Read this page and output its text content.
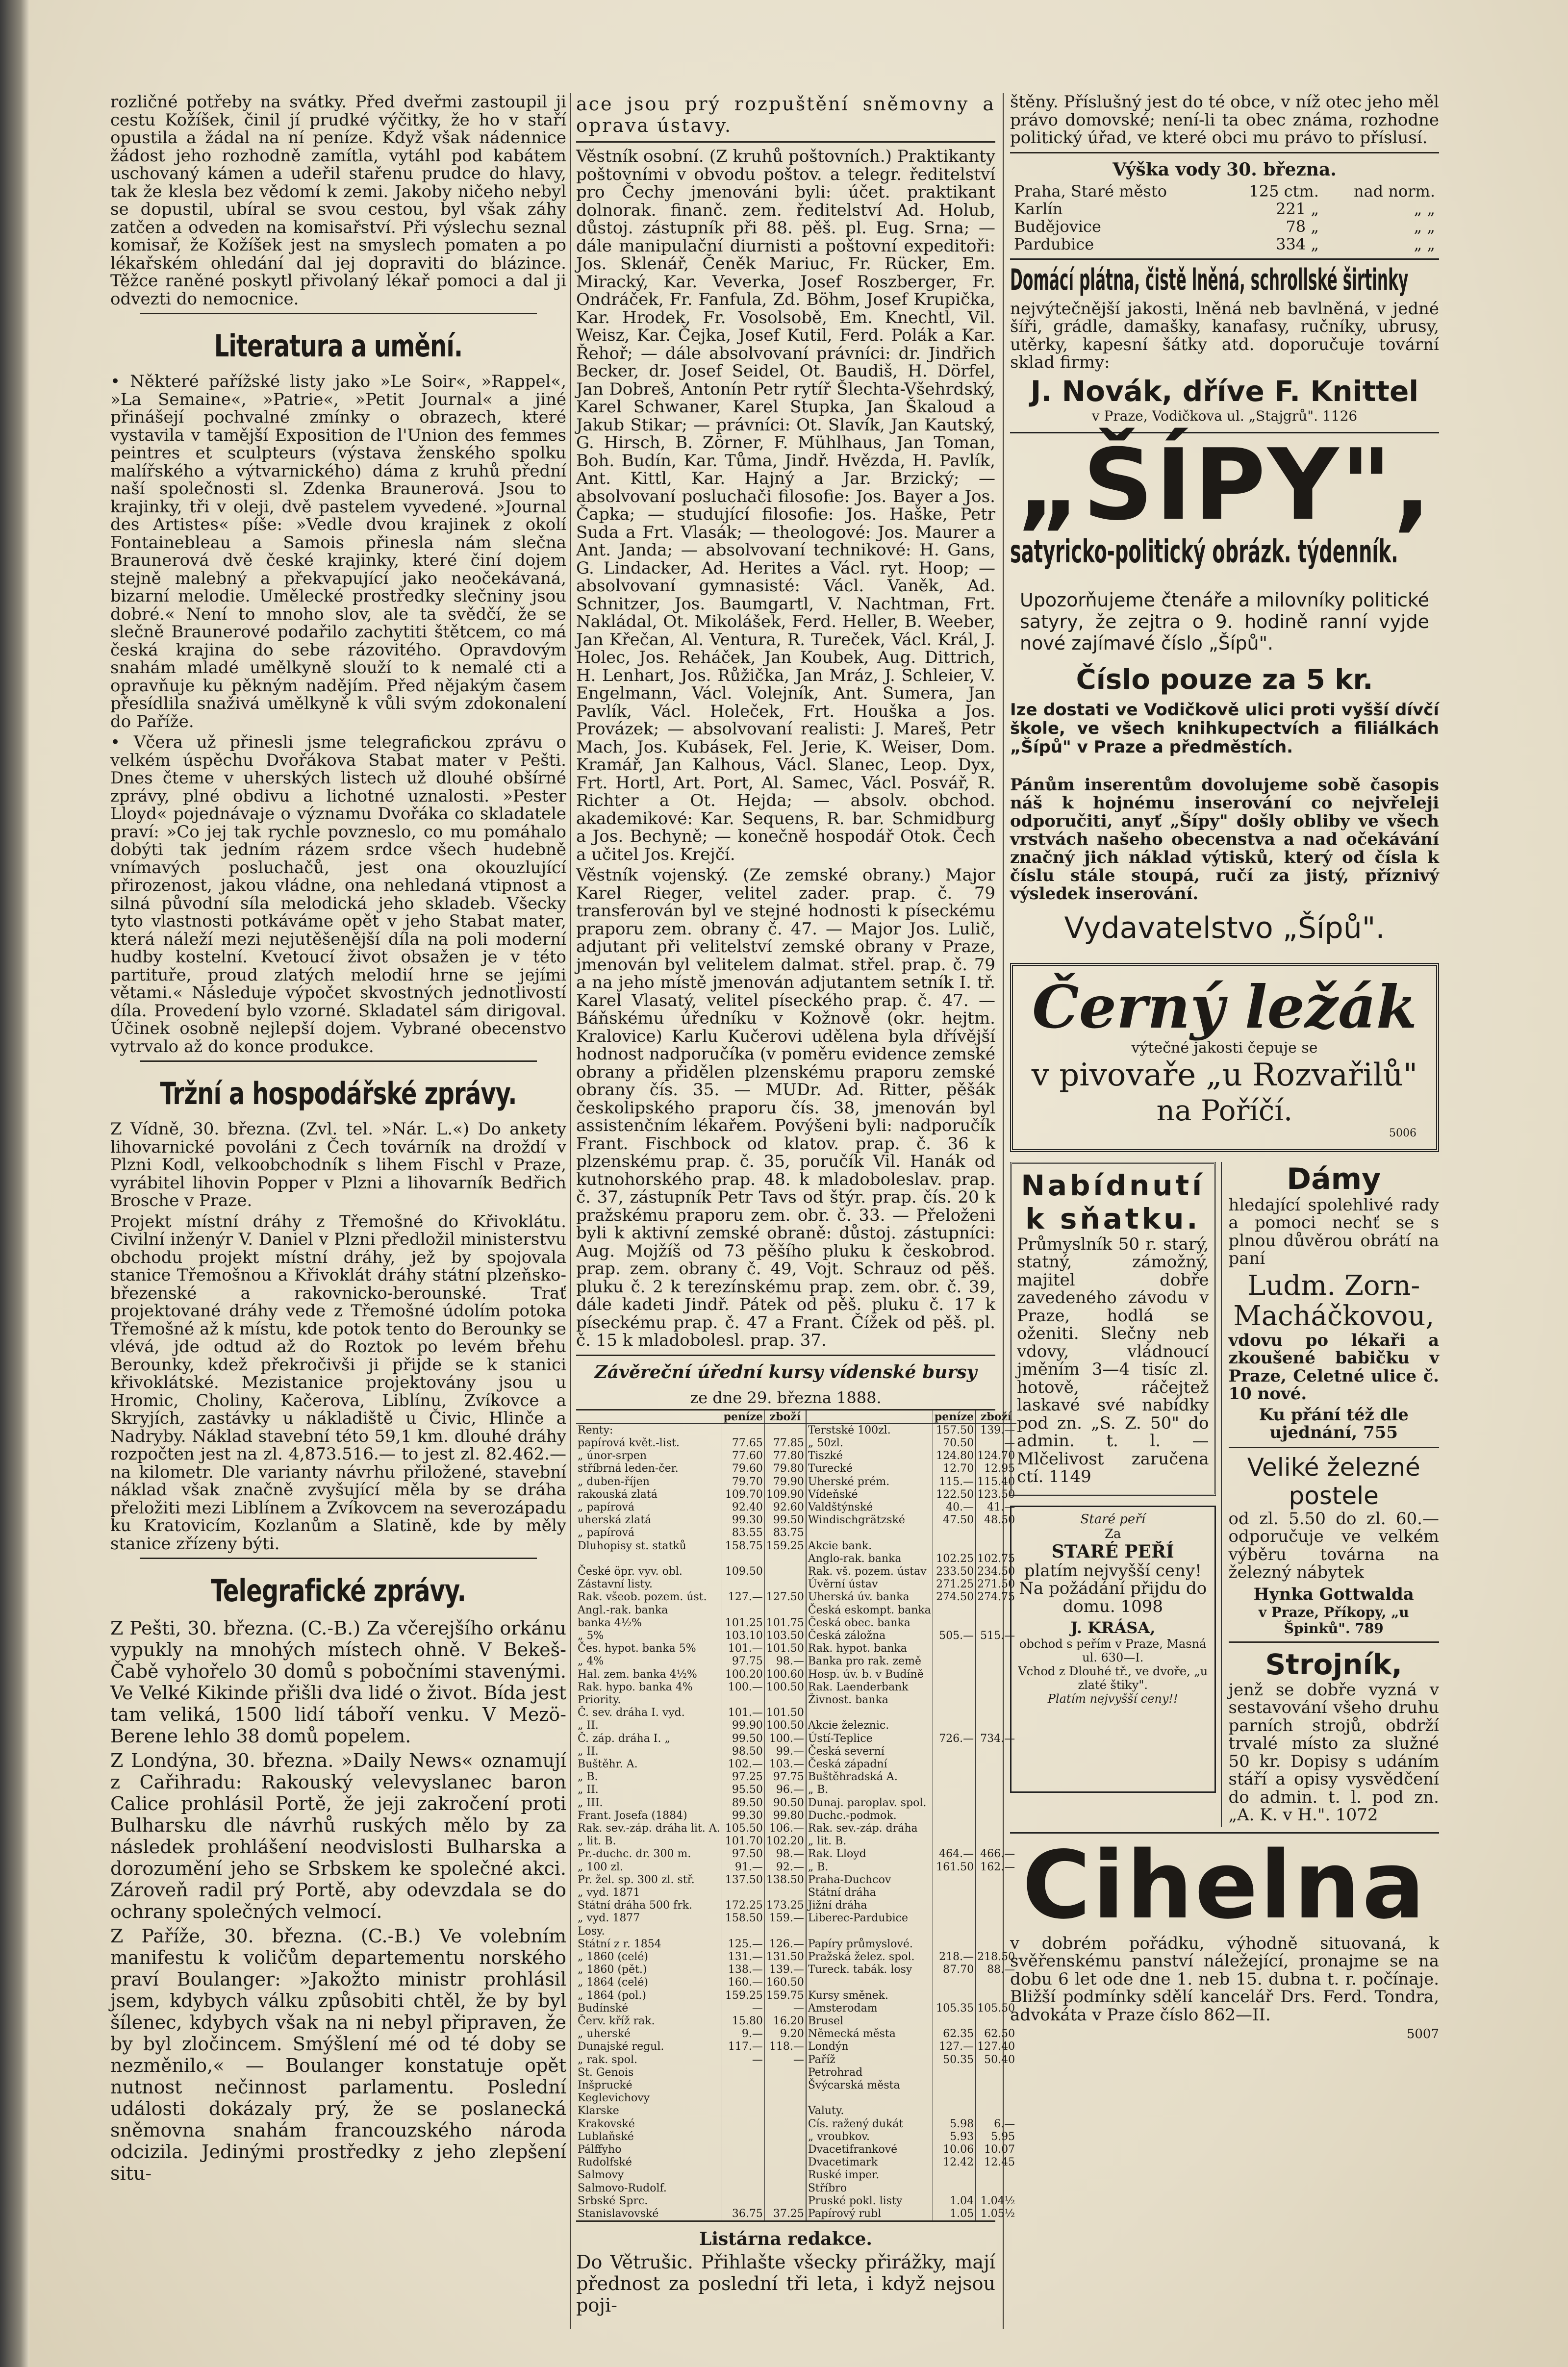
rozličné potřeby na svátky. Před dveřmi zastoupil ji cestu Kožíšek, činil jí prudké výčitky, že ho v staří opustila a žádal na ní peníze. Když však nádennice žádost jeho rozhodně zamítla, vytáhl pod kabátem uschovaný kámen a udeřil stařenu prudce do hlavy, tak že klesla bez vědomí k zemi. Jakoby ničeho nebyl se dopustil, ubíral se svou cestou, byl však záhy zatčen a odveden na komisařství. Při výslechu seznal komisař, že Kožíšek jest na smyslech pomaten a po lékařském ohledání dal jej dopraviti do blázince. Těžce raněné poskytl přivolaný lékař pomoci a dal ji odvezti do nemocnice.

Literatura a umění.

• Některé pařížské listy jako »Le Soir«, »Rappel«, »La Semaine«, »Patrie«, »Petit Journal« a jiné přinášejí pochvalné zmínky o obrazech, které vystavila v tamější Exposition de l'Union des femmes peintres et sculpteurs (výstava ženského spolku malířského a výtvarnického) dáma z kruhů přední naší společnosti sl. Zdenka Braunerová. Jsou to krajinky, tři v oleji, dvě pastelem vyvedené. »Journal des Artistes« píše: »Vedle dvou krajinek z okolí Fontainebleau a Samois přinesla nám slečna Braunerová dvě české krajinky, které činí dojem stejně malebný a překvapující jako neočekávaná, bizarní melodie. Umělecké prostředky slečniny jsou dobré.« Není to mnoho slov, ale ta svědčí, že se slečně Braunerové podařilo zachytiti štětcem, co má česká krajina do sebe rázovitého. Opravdovým snahám mladé umělkyně slouží to k nemalé cti a opravňuje ku pěkným nadějím. Před nějakým časem přesídlila snaživá umělkyně k vůli svým zdokonalení do Paříže.

• Včera už přinesli jsme telegrafickou zprávu o velkém úspěchu Dvořákova Stabat mater v Pešti. Dnes čteme v uherských listech už dlouhé obšírné zprávy, plné obdivu a lichotné uznalosti. »Pester Lloyd« pojednávaje o významu Dvořáka co skladatele praví: »Co jej tak rychle povzneslo, co mu pomáhalo dobýti tak jedním rázem srdce všech hudebně vnímavých posluchačů, jest ona okouzlující přirozenost, jakou vládne, ona nehledaná vtipnost a silná původní síla melodická jeho skladeb. Všecky tyto vlastnosti potkáváme opět v jeho Stabat mater, která náleží mezi nejutěšenější díla na poli moderní hudby kostelní. Kvetoucí život obsažen je v této partituře, proud zlatých melodií hrne se jejími větami.« Následuje výpočet skvostných jednotlivostí díla. Provedení bylo vzorné. Skladatel sám dirigoval. Účinek osobně nejlepší dojem. Vybrané obecenstvo vytrvalo až do konce produkce.

Tržní a hospodářské zprávy.

Z Vídně, 30. března. (Zvl. tel. »Nár. L.«) Do ankety lihovarnické povoláni z Čech továrník na droždí v Plzni Kodl, velkoobchodník s lihem Fischl v Praze, vyrábitel lihovin Popper v Plzni a lihovarník Bedřich Brosche v Praze.

Projekt místní dráhy z Třemošné do Křivoklátu. Civilní inženýr V. Daniel v Plzni předložil ministerstvu obchodu projekt místní dráhy, jež by spojovala stanice Třemošnou a Křivoklát dráhy státní plzeňsko-březenské a rakovnicko-berounské. Trať projektované dráhy vede z Třemošné údolím potoka Třemošné až k místu, kde potok tento do Berounky se vlévá, jde odtud až do Roztok po levém břehu Berounky, kdež překročivši ji přijde se k stanici křivoklátské. Mezistanice projektovány jsou u Hromic, Choliny, Kačerova, Liblínu, Zvíkovce a Skryjích, zastávky u nákladiště u Čivic, Hlinče a Nadryby. Náklad stavební této 59,1 km. dlouhé dráhy rozpočten jest na zl. 4,873.516.— to jest zl. 82.462.— na kilometr. Dle varianty návrhu přiložené, stavební náklad však značně zvyšující měla by se dráha přeložiti mezi Liblínem a Zvíkovcem na severozápadu ku Kratovicím, Kozlanům a Slatině, kde by měly stanice zřízeny býti.

Telegrafické zprávy.

Z Pešti, 30. března. (C.-B.) Za včerejšího orkánu vypukly na mnohých místech ohně. V Bekeš-Čabě vyhořelo 30 domů s pobočními stavenými. Ve Velké Kikinde přišli dva lidé o život. Bída jest tam veliká, 1500 lidí táboří venku. V Mezö-Berene lehlo 38 domů popelem.

Z Londýna, 30. března. »Daily News« oznamují z Cařihradu: Rakouský velevyslanec baron Calice prohlásil Portě, že jeji zakročení proti Bulharsku dle návrhů ruských mělo by za následek prohlášení neodvislosti Bulharska a dorozumění jeho se Srbskem ke společné akci. Zároveň radil prý Portě, aby odevzdala se do ochrany společných velmocí.

Z Paříže, 30. března. (C.-B.) Ve volebním manifestu k voličům departementu norského praví Boulanger: »Jakožto ministr prohlásil jsem, kdybych válku způsobiti chtěl, že by byl šílenec, kdybych však na ni nebyl připraven, že by byl zločincem. Smýšlení mé od té doby se nezměnilo,« — Boulanger konstatuje opět nutnost nečinnost parlamentu. Poslední události dokázaly prý, že se poslanecká sněmovna snahám francouzského národa odcizila. Jedinými prostředky z jeho zlepšení situ-

ace jsou prý rozpuštění sněmovny a oprava ústavy.

Věstník osobní. (Z kruhů poštovních.) Praktikanty poštovními v obvodu poštov. a telegr. ředitelství pro Čechy jmenováni byli: účet. praktikant dolnorak. finanč. zem. ředitelství Ad. Holub, důstoj. zástupník při 88. pěš. pl. Eug. Srna; — dále manipulační diurnisti a poštovní expeditoři: Jos. Sklenář, Čeněk Mariuc, Fr. Rücker, Em. Miracký, Kar. Veverka, Josef Roszberger, Fr. Ondráček, Fr. Fanfula, Zd. Böhm, Josef Krupička, Kar. Hrodek, Fr. Vosolsobě, Em. Knechtl, Vil. Weisz, Kar. Čejka, Josef Kutil, Ferd. Polák a Kar. Řehoř; — dále absolvovaní právníci: dr. Jindřich Becker, dr. Josef Seidel, Ot. Baudiš, H. Dörfel, Jan Dobreš, Antonín Petr rytíř Šlechta-Všehrdský, Karel Schwaner, Karel Stupka, Jan Škaloud a Jakub Stikar; — právníci: Ot. Slavík, Jan Kautský, G. Hirsch, B. Zörner, F. Mühlhaus, Jan Toman, Boh. Budín, Kar. Tůma, Jindř. Hvězda, H. Pavlík, Ant. Kittl, Kar. Hajný a Jar. Brzický; — absolvovaní posluchači filosofie: Jos. Bayer a Jos. Čapka; — studující filosofie: Jos. Haške, Petr Suda a Frt. Vlasák; — theologové: Jos. Maurer a Ant. Janda; — absolvovaní technikové: H. Gans, G. Lindacker, Ad. Herites a Václ. ryt. Hoop; — absolvovaní gymnasisté: Václ. Vaněk, Ad. Schnitzer, Jos. Baumgartl, V. Nachtman, Frt. Nakládal, Ot. Mikolášek, Ferd. Heller, B. Weeber, Jan Křečan, Al. Ventura, R. Tureček, Václ. Král, J. Holec, Jos. Reháček, Jan Koubek, Aug. Dittrich, H. Lenhart, Jos. Růžička, Jan Mráz, J. Schleier, V. Engelmann, Václ. Volejník, Ant. Sumera, Jan Pavlík, Václ. Holeček, Frt. Houška a Jos. Provázek; — absolvovaní realisti: J. Mareš, Petr Mach, Jos. Kubásek, Fel. Jerie, K. Weiser, Dom. Kramář, Jan Kalhous, Václ. Slanec, Leop. Dyx, Frt. Hortl, Art. Port, Al. Samec, Václ. Posvář, R. Richter a Ot. Hejda; — absolv. obchod. akademikové: Kar. Sequens, R. bar. Schmidburg a Jos. Bechyně; — konečně hospodář Otok. Čech a učitel Jos. Krejčí.

Věstník vojenský. (Ze zemské obrany.) Major Karel Rieger, velitel zader. prap. č. 79 transferován byl ve stejné hodnosti k píseckému praporu zem. obrany č. 47. — Major Jos. Lulič, adjutant při velitelství zemské obrany v Praze, jmenován byl velitelem dalmat. střel. prap. č. 79 a na jeho místě jmenován adjutantem setník I. tř. Karel Vlasatý, velitel píseckého prap. č. 47. — Báňskému úředníku v Kožnově (okr. hejtm. Kralovice) Karlu Kučerovi udělena byla dřívější hodnost nadporučíka (v poměru evidence zemské obrany a přidělen plzenskému praporu zemské obrany čís. 35. — MUDr. Ad. Ritter, pěšák českolipského praporu čís. 38, jmenován byl assistenčním lékařem. Povýšeni byli: nadporučík Frant. Fischbock od klatov. prap. č. 36 k plzenskému prap. č. 35, poručík Vil. Hanák od kutnohorského prap. 48. k mladoboleslav. prap. č. 37, zástupník Petr Tavs od štýr. prap. čís. 20 k pražskému praporu zem. obr. č. 33. — Přeloženi byli k aktivní zemské obraně: důstoj. zástupníci: Aug. Mojžíš od 73 pěšího pluku k českobrod. prap. zem. obrany č. 49, Vojt. Schrauz od pěš. pluku č. 2 k terezínskému prap. zem. obr. č. 39, dále kadeti Jindř. Pátek od pěš. pluku č. 17 k píseckému prap. č. 47 a Frant. Čížek od pěš. pl. č. 15 k mladobolesl. prap. 37.

Závěreční úřední kursy vídenské bursy
ze dne 29. března 1888.
	peníze	zboží		peníze	zboží
Renty:			Terstské 100zl.	157.50	139.—
papírová květ.-list.	77.65	77.85	„ 50zl.	70.50	—
„ únor-srpen	77.60	77.80	Tiszké	124.80	124.70
stříbrná leden-čer.	79.60	79.80	Turecké	12.70	12.95
„ duben-říjen	79.70	79.90	Uherské prém.	115.—	115.40
rakouská zlatá	109.70	109.90	Vídeňské	122.50	123.50
„ papírová	92.40	92.60	Valdštýnské	40.—	41.—
uherská zlatá	99.30	99.50	Windischgrätzské	47.50	48.50
„ papírová	83.55	83.75			
Dluhopisy st. statků	158.75	159.25	Akcie bank.		
			Anglo-rak. banka	102.25	102.75
České öpr. vyv. obl.	109.50		Rak. vš. pozem. ústav	233.50	234.50
Zástavní listy.			Úvěrní ústav	271.25	271.50
Rak. všeob. pozem. úst.	127.—	127.50	Uherská úv. banka	274.50	274.75
Angl.-rak. banka			Česká eskompt. banka		
banka 4½%	101.25	101.75	Česká obec. banka		
„ 5%	103.10	103.50	Česká záložna	505.—	515.—
Čes. hypot. banka 5%	101.—	101.50	Rak. hypot. banka		
„ 4%	97.75	98.—	Banka pro rak. země		
Hal. zem. banka 4½%	100.20	100.60	Hosp. úv. b. v Budíně		
Rak. hypo. banka 4%	100.—	100.50	Rak. Laenderbank		
Priority.			Živnost. banka		
Č. sev. dráha I. vyd.	101.—	101.50			
„ II.	99.90	100.50	Akcie železnic.		
Č. záp. dráha I. „	99.50	100.—	Ústí-Teplice	726.—	734.—
„ II.	98.50	99.—	Česká severní		
Buštěhr. A.	102.—	103.—	Česká západní		
„ B.	97.25	97.75	Buštěhradská A.		
„ II.	95.50	96.—	„ B.		
„ III.	89.50	90.50	Dunaj. paroplav. spol.		
Frant. Josefa (1884)	99.30	99.80	Duchc.-podmok.		
Rak. sev.-záp. dráha lit. A.	105.50	106.—	Rak. sev.-záp. dráha		
„ lit. B.	101.70	102.20	„ lit. B.		
Pr.-duchc. dr. 300 m.	97.50	98.—	Rak. Lloyd	464.—	466.—
„ 100 zl.	91.—	92.—	„ B.	161.50	162.—
Pr. žel. sp. 300 zl. stř.	137.50	138.50	Praha-Duchcov		
„ vyd. 1871			Státní dráha		
Státní dráha 500 frk.	172.25	173.25	Jižní dráha		
„ vyd. 1877	158.50	159.—	Liberec-Pardubice		
Losy.					
Státní z r. 1854	125.—	126.—	Papíry průmyslové.		
„ 1860 (celé)	131.—	131.50	Pražská želez. spol.	218.—	218.50
„ 1860 (pět.)	138.—	139.—	Tureck. tabák. losy	87.70	88.—
„ 1864 (celé)	160.—	160.50			
„ 1864 (pol.)	159.25	159.75	Kursy směnek.		
Budínské	—	—	Amsterodam	105.35	105.50
Červ. kříž rak.	15.80	16.20	Brusel		
„ uherské	9.—	9.20	Německá města	62.35	62.50
Dunajské regul.	117.—	118.—	Londýn	127.—	127.40
„ rak. spol.	—	—	Paříž	50.35	50.40
St. Genois			Petrohrad		
Inšprucké			Švýcarská města		
Keglevichovy					
Klarske			Valuty.		
Krakovské			Cís. ražený dukát	5.98	6.—
Lublaňské			„ vroubkov.	5.93	5.95
Pálffyho			Dvacetifrankové	10.06	10.07
Rudolfské			Dvacetimark	12.42	12.45
Salmovy			Ruské imper.		
Salmovo-Rudolf.			Stříbro		
Srbské Sprc.			Pruské pokl. listy	1.04	1.04½
Stanislavovské	36.75	37.25	Papírový rubl	1.05	1.05½
Listárna redakce.

Do Větrušic. Přihlašte všecky přirážky, mají přednost za poslední tři leta, i když nejsou poji-

štěny. Příslušný jest do té obce, v níž otec jeho měl právo domovské; není-li ta obec známa, rozhodne politický úřad, ve které obci mu právo to příslusí.

Výška vody 30. března.
Praha, Staré město	125 ctm.	nad norm.
Karlín	221 „	„ „
Budějovice	78 „	„ „
Pardubice	334 „	„ „
Domácí plátna, čistě lněná, schrollské širtinky

nejvýtečnější jakosti, lněná neb bavlněná, v jedné šíři, grádle, damašky, kanafasy, ručníky, ubrusy, utěrky, kapesní šátky atd. doporučuje tovární sklad firmy:

J. Novák, dříve F. Knittel
v Praze, Vodičkova ul. „Stajgrů". 1126
„ŠÍPY",
satyricko-politický obrázk. týdenník.

Upozorňujeme čtenáře a milovníky politické satyry, že zejtra o 9. hodině ranní vyjde nové zajímavé číslo „Šípů".

Číslo pouze za 5 kr.

Ize dostati ve Vodičkově ulici proti vyšší dívčí škole, ve všech knihkupectvích a filiálkách „Šípů" v Praze a předměstích.

Pánům inserentům dovolujeme sobě časopis náš k hojnému inserování co nejvřeleji odporučiti, anyť „Šípy" došly obliby ve všech vrstvách našeho obecenstva a nad očekávání značný jich náklad výtisků, který od čísla k číslu stále stoupá, ručí za jistý, příznivý výsledek inserování.

Vydavatelstvo „Šípů".
Černý ležák
výtečné jakosti čepuje se
v pivovaře „u Rozvařilů"
na Poříčí.
5006
Nabídnutí k sňatku.

Průmyslník 50 r. starý, statný, zámožný, majitel dobře zavedeného závodu v Praze, hodlá se oženiti. Slečny neb vdovy, vládnoucí jměním 3—4 tisíc zl. hotově, ráčejtež laskavé své nabídky pod zn. „S. Z. 50" do admin. t. l. — Mlčelivost zaručena ctí. 1149

Staré peří
Za
STARÉ PEŘÍ

platím nejvyšší ceny! Na požádání přijdu do domu. 1098

J. KRÁSA,
obchod s peřím v Praze, Masná ul. 630—I.
Vchod z Dlouhé tř., ve dvoře, „u zlaté štiky".
Platím nejvyšší ceny!!
Dámy

hledající spolehlivé rady a pomoci nechť se s plnou důvěrou obrátí na paní

Ludm. Zorn-Macháčkovou,

vdovu po lékaři a zkoušené babičku v Praze, Celetné ulice č. 10 nové.

Ku přání též dle ujednání, 755

Veliké železné postele

od zl. 5.50 do zl. 60.— odporučuje ve velkém výběru továrna na železný nábytek

Hynka Gottwalda
v Praze, Příkopy, „u Špinků". 789
Strojník,

jenž se dobře vyzná v sestavování všeho druhu parních strojů, obdrží trvalé místo za služné 50 kr. Dopisy s udáním stáří a opisy vysvědčení do admin. t. l. pod zn. „A. K. v H.". 1072

Cihelna

v dobrém pořádku, výhodně situovaná, k svěřenskému panství náležející, pronajme se na dobu 6 let ode dne 1. neb 15. dubna t. r. počínaje. Bližší podmínky sdělí kancelář Drs. Ferd. Tondra, advokáta v Praze číslo 862—II.

5007
